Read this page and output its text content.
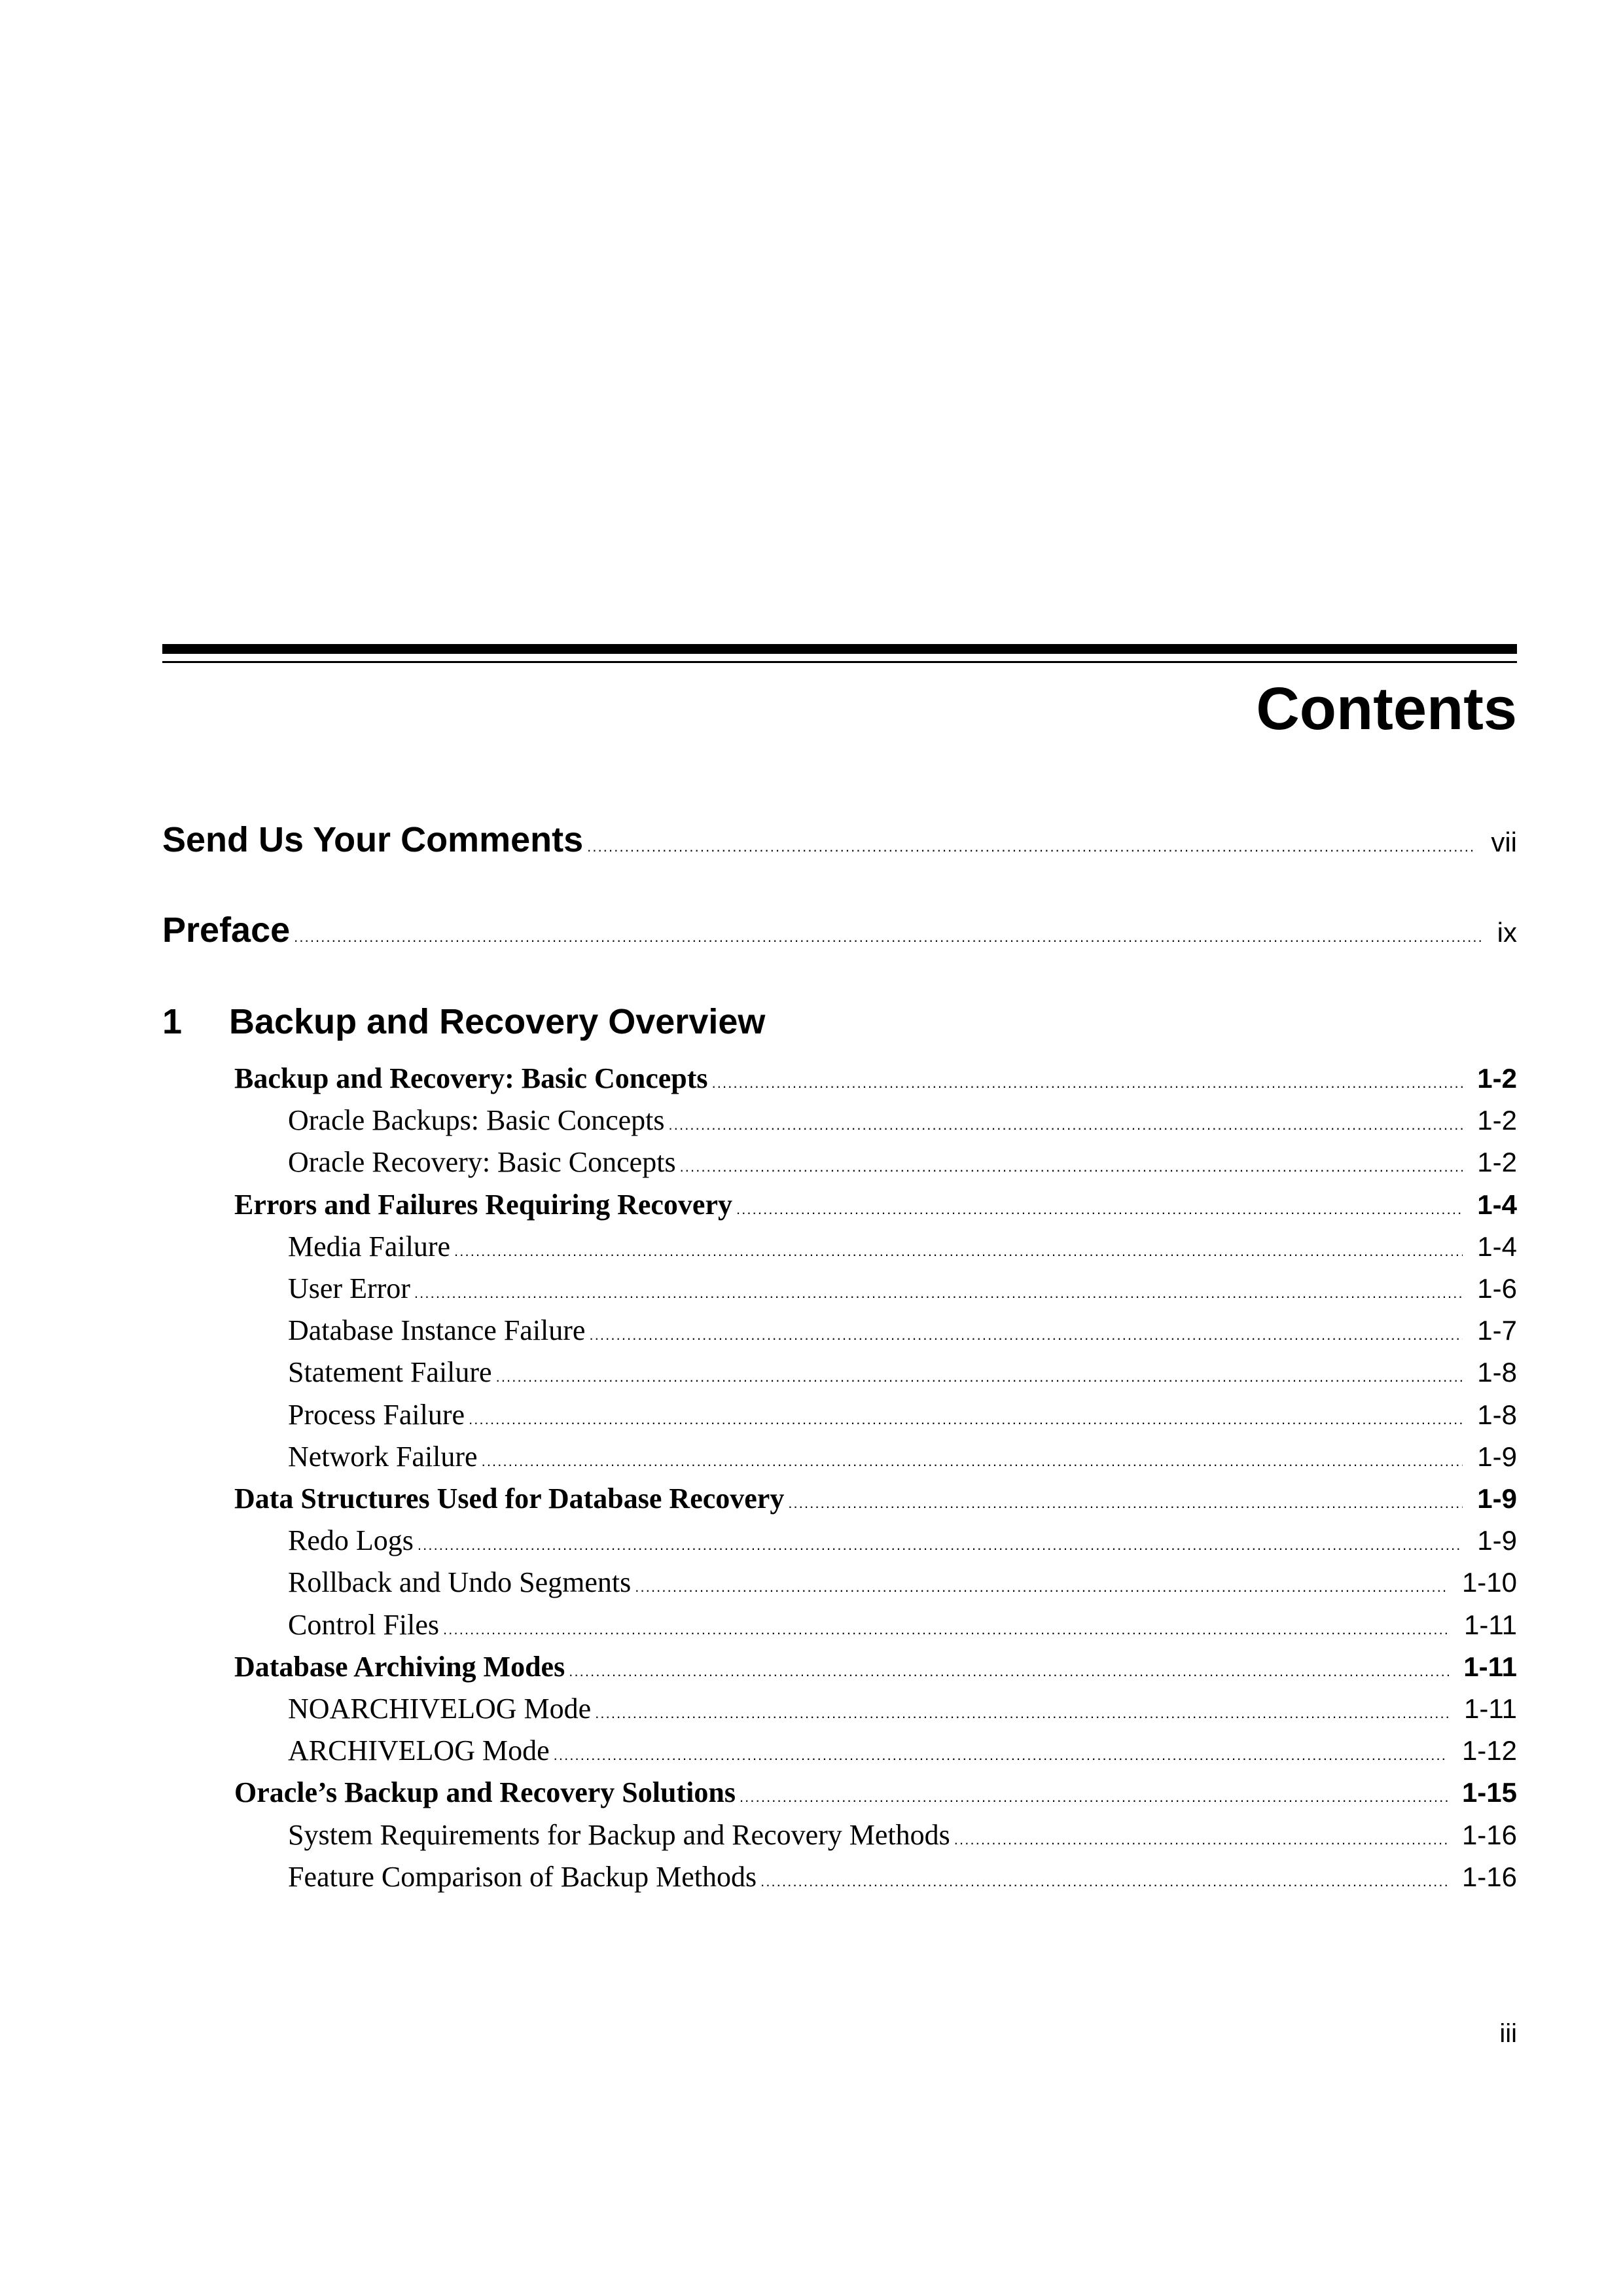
Contents
Send Us Your Comments . . .	vii
Preface . . .	ix
1	Backup and Recovery Overview
Backup and Recovery: Basic Concepts . . .	1-2
Oracle Backups: Basic Concepts . . .	1-2
Oracle Recovery: Basic Concepts . . .	1-2
Errors and Failures Requiring Recovery . . .	1-4
Media Failure . . .	1-4
User Error . . .	1-6
Database Instance Failure . . .	1-7
Statement Failure . . .	1-8
Process Failure . . .	1-8
Network Failure . . .	1-9
Data Structures Used for Database Recovery . . .	1-9
Redo Logs . . .	1-9
Rollback and Undo Segments . . .	1-10
Control Files . . .	1-11
Database Archiving Modes . . .	1-11
NOARCHIVELOG Mode . . .	1-11
ARCHIVELOG Mode . . .	1-12
Oracle’s Backup and Recovery Solutions . . .	1-15
System Requirements for Backup and Recovery Methods . . .	1-16
Feature Comparison of Backup Methods . . .	1-16
iii
